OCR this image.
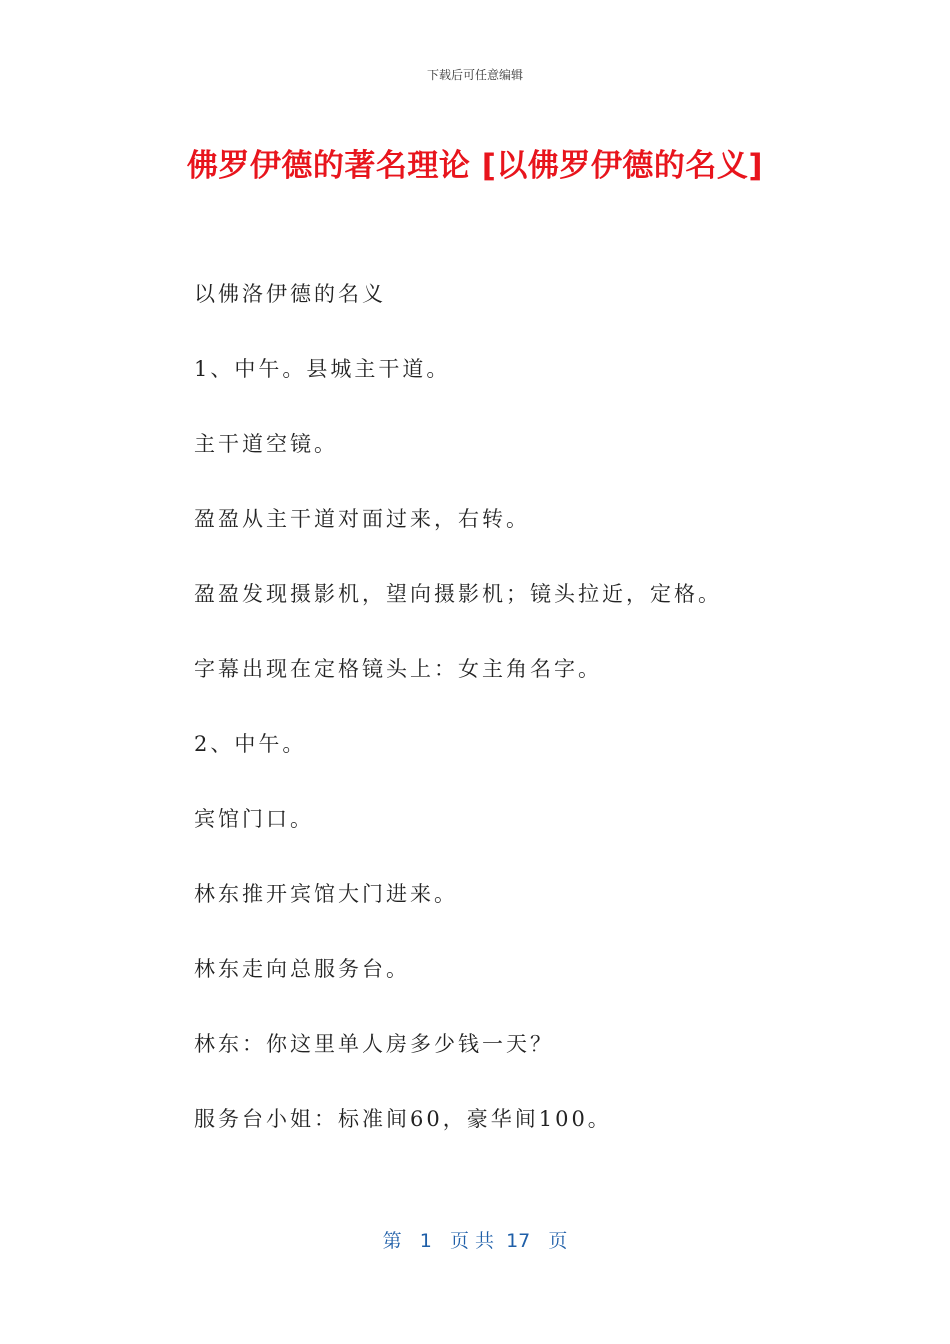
下载后可任意编辑
佛罗伊德的著名理论 [以佛罗伊德的名义]
以佛洛伊德的名义
1、中午。县城主干道。
主干道空镜。
盈盈从主干道对面过来，右转。
盈盈发现摄影机，望向摄影机；镜头拉近，定格。
字幕出现在定格镜头上：女主角名字。
2、中午。
宾馆门口。
林东推开宾馆大门进来。
林东走向总服务台。
林东：你这里单人房多少钱一天？
服务台小姐：标准间60，豪华间100。
第 1 页 共 17 页
